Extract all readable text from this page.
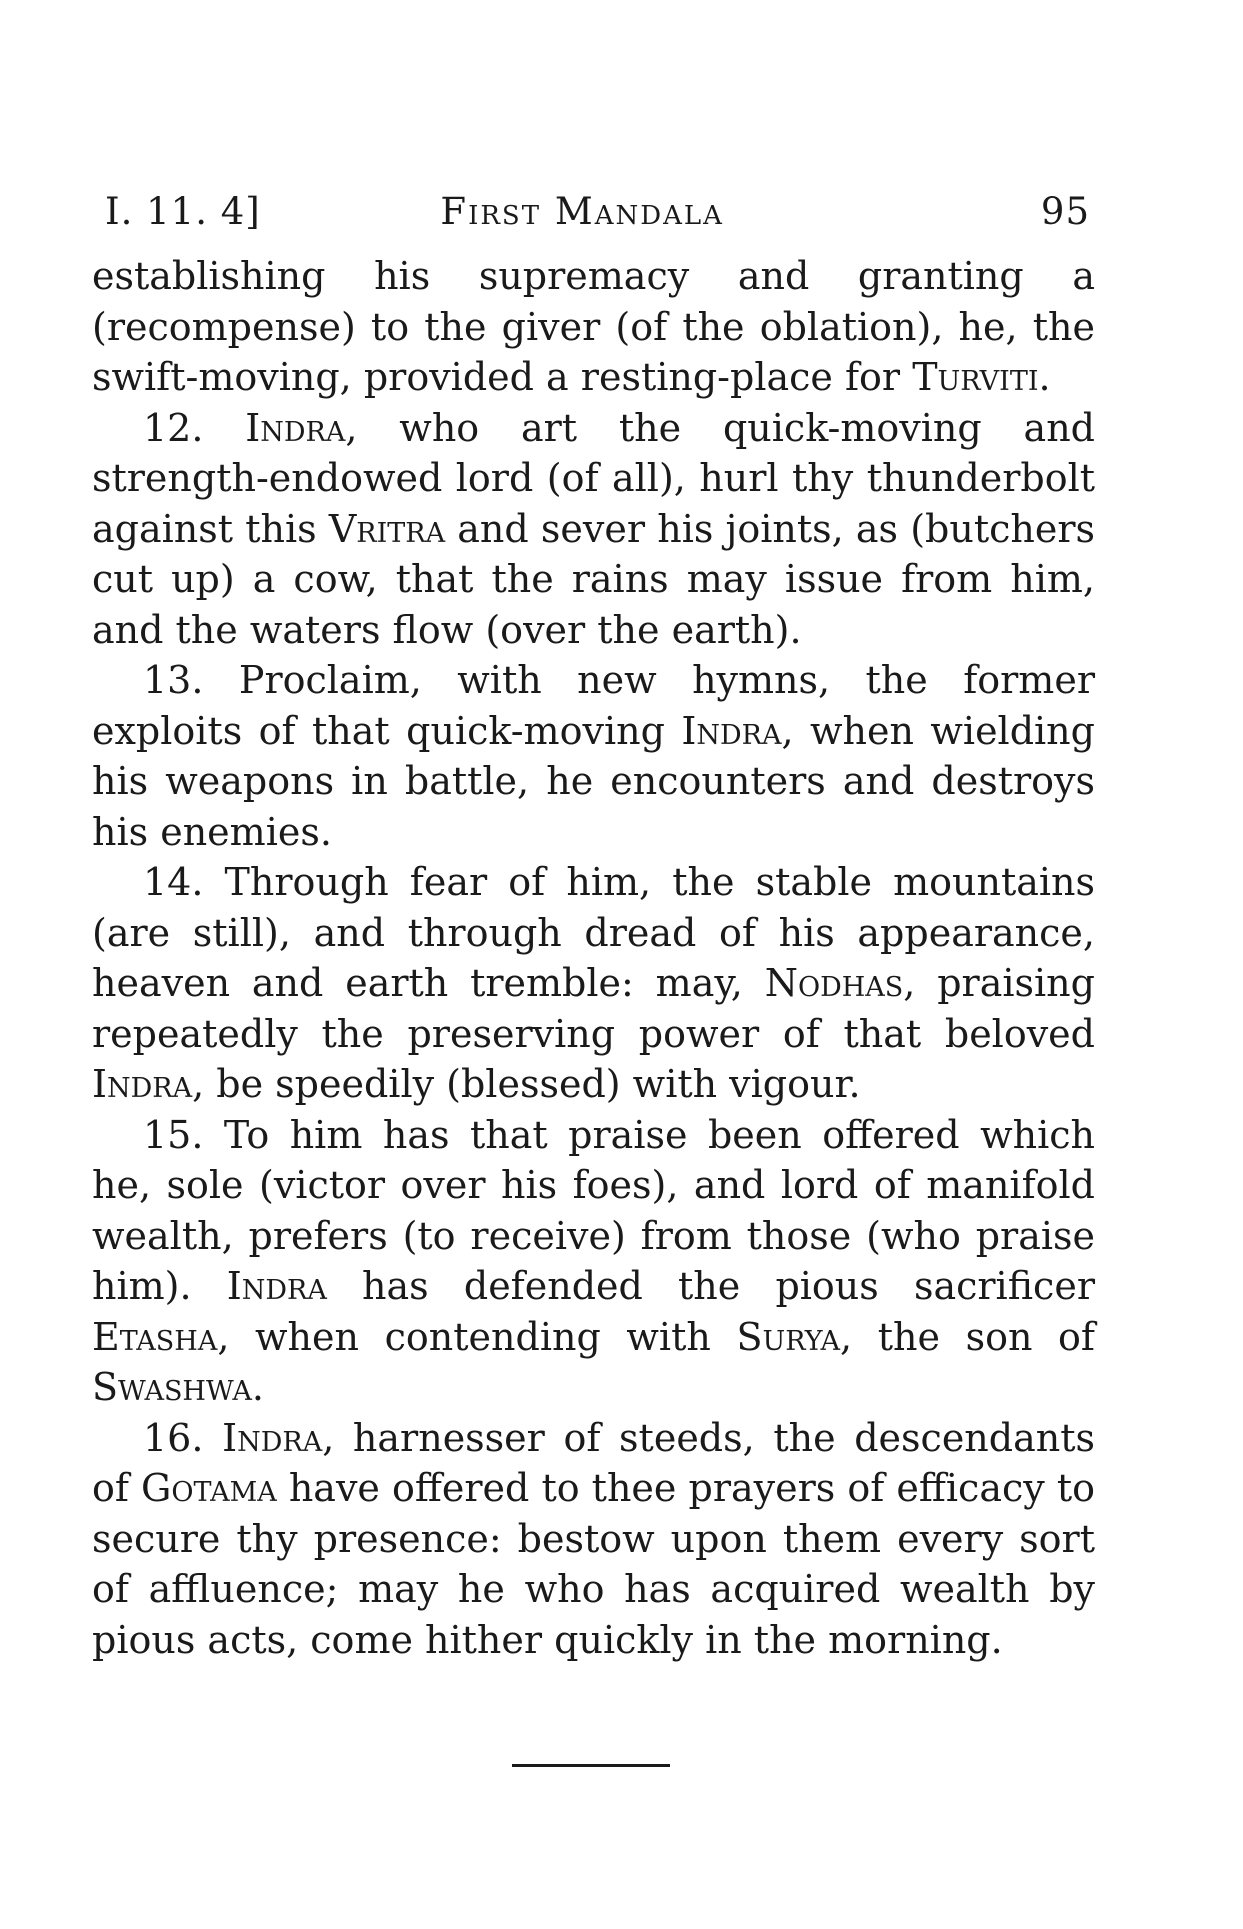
I. 11. 4]	First Mandala	95

establishing his supremacy and granting a (recompense) to the giver (of the oblation), he, the swift-moving, provided a resting-place for Turviti.

12. Indra, who art the quick-moving and strength-endowed lord (of all), hurl thy thunderbolt against this Vritra and sever his joints, as (butchers cut up) a cow, that the rains may issue from him, and the waters flow (over the earth).

13. Proclaim, with new hymns, the former exploits of that quick-moving Indra, when wielding his weapons in battle, he encounters and destroys his enemies.

14. Through fear of him, the stable mountains (are still), and through dread of his appearance, heaven and earth tremble: may, Nodhas, praising repeatedly the preserving power of that beloved Indra, be speedily (blessed) with vigour.

15. To him has that praise been offered which he, sole (victor over his foes), and lord of manifold wealth, prefers (to receive) from those (who praise him). Indra has defended the pious sacrificer Etasha, when contending with Surya, the son of Swashwa.

16. Indra, harnesser of steeds, the descendants of Gotama have offered to thee prayers of efficacy to secure thy presence: bestow upon them every sort of affluence; may he who has acquired wealth by pious acts, come hither quickly in the morning.
